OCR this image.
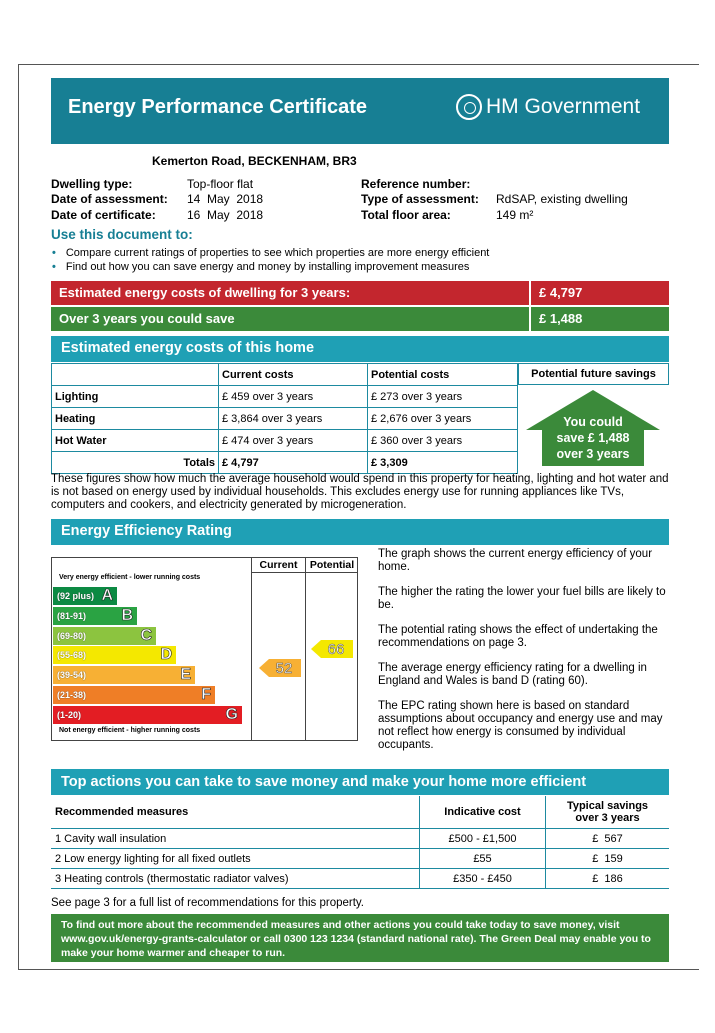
Energy Performance Certificate	HM Government
Kemerton Road, BECKENHAM, BR3
Dwelling type:	Top-floor flat
Date of assessment: 14  May  2018
Date of certificate:	16  May  2018
Reference number:
Type of assessment: RdSAP, existing dwelling
Total floor area:	149 m²
Use this document to:
• Compare current ratings of properties to see which properties are more energy efficient
• Find out how you can save energy and money by installing improvement measures
Estimated energy costs of dwelling for 3 years:	£ 4,797
Over 3 years you could save	£ 1,488
Estimated energy costs of this home
	Current costs	Potential costs
Lighting	£ 459 over 3 years	£ 273 over 3 years
Heating	£ 3,864 over 3 years	£ 2,676 over 3 years
Hot Water	£ 474 over 3 years	£ 360 over 3 years
Totals	£ 4,797	£ 3,309
Potential future savings
You could
save £ 1,488
over 3 years
These figures show how much the average household would spend in this property for heating, lighting and hot water and is not based on energy used by individual households. This excludes energy use for running appliances like TVs, computers and cookers, and electricity generated by microgeneration.
Energy Efficiency Rating
Current	Potential
Very energy efficient - lower running costs
Not energy efficient - higher running costs
(92 plus) A
(81-91) B
(69-80)	C
(55-68)	D
(39-54)	E
(21-38)	F
(1-20)	G
52
66
The graph shows the current energy efficiency of your home.
The higher the rating the lower your fuel bills are likely to be.
The potential rating shows the effect of undertaking the recommendations on page 3.
The average energy efficiency rating for a dwelling in England and Wales is band D (rating 60).
The EPC rating shown here is based on standard assumptions about occupancy and energy use and may not reflect how energy is consumed by individual occupants.
Top actions you can take to save money and make your home more efficient
Recommended measures	Indicative cost	Typical savings over 3 years
1 Cavity wall insulation	£500 - £1,500	£  567
2 Low energy lighting for all fixed outlets	£55	£  159
3 Heating controls (thermostatic radiator valves)	£350 - £450	£  186
See page 3 for a full list of recommendations for this property.
To find out more about the recommended measures and other actions you could take today to save money, visit www.gov.uk/energy-grants-calculator or call 0300 123 1234 (standard national rate). The Green Deal may enable you to make your home warmer and cheaper to run.
